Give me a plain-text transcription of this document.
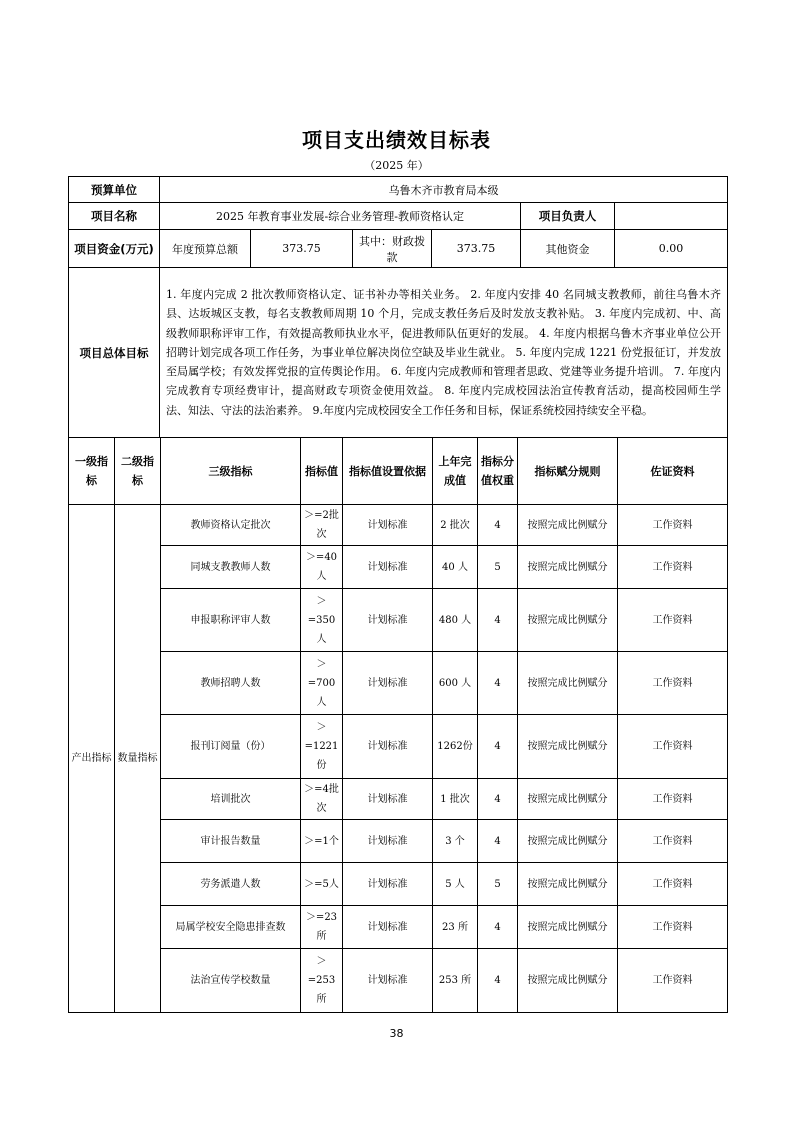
项目支出绩效目标表
（2025 年）
预算单位	乌鲁木齐市教育局本级					
项目名称	2025 年教育事业发展-综合业务管理-教师资格认定				项目负责人	
项目资金(万元)	年度预算总额	373.75	其中：财政拨款	373.75	其他资金	0.00
项目总体目标	1. 年度内完成 2 批次教师资格认定、证书补办等相关业务。 2. 年度内安排 40 名同城支教教师，前往乌鲁木齐县、达坂城区支教，每名支教教师周期 10 个月，完成支教任务后及时发放支教补贴。 3. 年度内完成初、中、高级教师职称评审工作，有效提高教师执业水平，促进教师队伍更好的发展。 4. 年度内根据乌鲁木齐事业单位公开招聘计划完成各项工作任务，为事业单位解决岗位空缺及毕业生就业。 5. 年度内完成 1221 份党报征订，并发放至局属学校；有效发挥党报的宣传舆论作用。 6. 年度内完成教师和管理者思政、党建等业务提升培训。 7. 年度内完成教育专项经费审计，提高财政专项资金使用效益。 8. 年度内完成校园法治宣传教育活动，提高校园师生学法、知法、守法的法治素养。 9.年度内完成校园安全工作任务和目标，保证系统校园持续安全平稳。					
一级指标	二级指标	三级指标	指标值	指标值设置依据	上年完成值	指标分值权重	指标赋分规则	佐证资料
产出指标	数量指标	教师资格认定批次	＞=2批次	计划标准	2 批次	4	按照完成比例赋分	工作资料
		同城支教教师人数	＞=40人	计划标准	40 人	5	按照完成比例赋分	工作资料
		申报职称评审人数	＞=350人	计划标准	480 人	4	按照完成比例赋分	工作资料
		教师招聘人数	＞=700人	计划标准	600 人	4	按照完成比例赋分	工作资料
		报刊订阅量（份）	＞=1221份	计划标准	1262份	4	按照完成比例赋分	工作资料
		培训批次	＞=4批次	计划标准	1 批次	4	按照完成比例赋分	工作资料
		审计报告数量	＞=1个	计划标准	3 个	4	按照完成比例赋分	工作资料
		劳务派遣人数	＞=5人	计划标准	5 人	5	按照完成比例赋分	工作资料
		局属学校安全隐患排查数	＞=23所	计划标准	23 所	4	按照完成比例赋分	工作资料
		法治宣传学校数量	＞=253所	计划标准	253 所	4	按照完成比例赋分	工作资料
38
